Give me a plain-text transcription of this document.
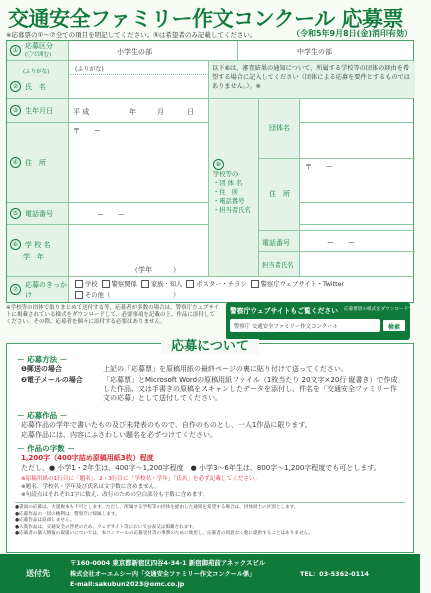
交通安全ファミリー作文コンクール 応募票
※応募票の①〜⑦全ての項目を明記してください。⑤は希望者のみ記載してください。	（令和5年9月8日(金)消印有効）
①
応募区分
(〇で囲む)	小学生の部	中学生の部
(ふりがな)
② 氏　名
(ふりがな)	以下⑧は、審査結果の通知について、所属する学校等の団体の経由を希望する場合に記入してください（団体による応募を要件とするものではありません。）。※
③ 生年月日	平 成	年	月	日
④ 住　所
〒　　ー
⑤ 電話番号	ー　　ー
⑥ 学 校 名
学　年
（学年　　　）
⑦
応募のきっかけ
学校 警察関係 家族・知人 ポスター・チラシ 警察庁ウェブサイト・Twitter
その他（　　　　　　　　　　）
⑧
学校等の
・団 体 名
・住　所
・電話番号
・担当者氏名
団体名
住　所
〒　　ー
電話番号	ー　　ー
担当者氏名
※学校等の団体で取りまとめて送付する等、応募者が多数の場合は、警察庁ウェブサイトに掲載されている様式をダウンロードして、必要事項を記載の上、作品に添付してください。その際、応募者を個々に添付する必要はありません。
警察庁ウェブサイトもご覧ください 応募要項の様式をダウンロードできます！
警察庁 交通安全ファミリー作文コンクール	検索
応募について
－ 応募方法 －
❶郵送の場合	上記の「応募票」を原稿用紙の最終ページの裏に貼り付けて送ってください。
❷電子メールの場合	「応募票」とMicrosoft Wordの原稿用紙ファイル（1枚当たり 20文字×20行 縦書き）で作成した作品、又は手書きの原稿をスキャンしたデータを添付し、件名を「交通安全ファミリー作文の応募」として送付してください。
－ 応募作品 －
応募作品の学年で書いたもの及び未発表のもので、自作のものとし、一人1作品に限ります。
応募作品には、内容にふさわしい題名を必ずつけてください。
－ 作品の字数 －
1,200字（400字詰め原稿用紙3枚）程度
ただし、● 小学1・2年生は、400字〜1,200字程度　● 小学3〜6年生は、800字〜1,200字程度でも可とします。
※原稿用紙の1行目に「題名」、2・3行目に「学校名・学年」「氏名」を必ず記載してください。
※題名、学校名・学年及び氏名は文字数に含めません。
※句読点はそれぞれ1字に数え、改行のための空白部分も字数に含めます。
●書面の応募は、大量複本も不可とします。ただし、所属する学校等の団体を経由した通知を希望する場合は、団体同士の区別とします。
●応募作品の一切の権利は、警察庁に帰属します。
●応募作品は返却しません。
●入賞作品は、交通安全の啓発のため、ウェブサイト等において公表又は掲載されます。
●応募者の個人情報の取扱いについては、本コンクールの応募受付等の事務のために使用し、応募者の同意なく他に提供することはありません。
送付先
〒160-0004 東京都新宿区四谷4-34-1 新宿御苑前アネックスビル
株式会社オーエムシー内「交通安全ファミリー作文コンクール係」	TEL：03-5362-0114
E-mail:sakubun2023@omc.co.jp
